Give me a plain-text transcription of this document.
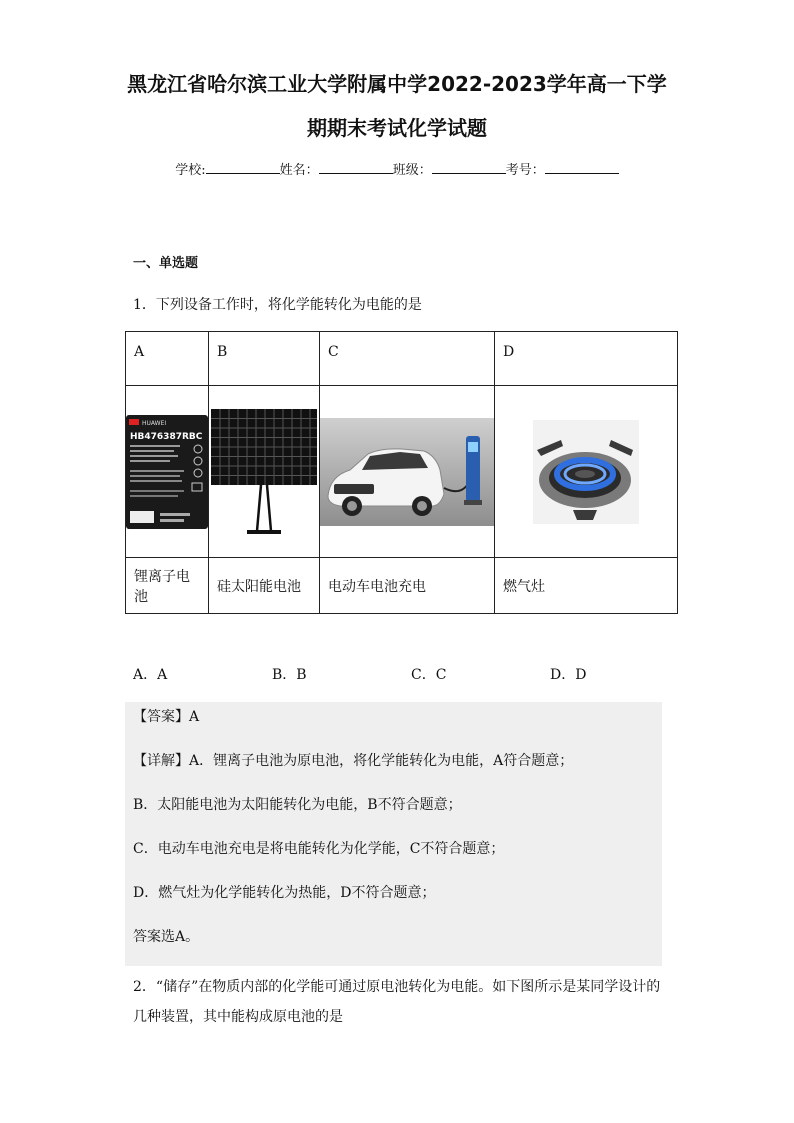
黑龙江省哈尔滨工业大学附属中学2022-2023学年高一下学
期期末考试化学试题
学校:	姓名：	班级：	考号：
一、单选题
1．下列设备工作时，将化学能转化为电能的是
A	B	C	D

HUAWEI
HB476387RBC

锂离子电池	硅太阳能电池	电动车电池充电	燃气灶
A．A	B．B	C．C	D．D
【答案】A
【详解】A．锂离子电池为原电池，将化学能转化为电能，A符合题意；
B．太阳能电池为太阳能转化为电能，B不符合题意；
C．电动车电池充电是将电能转化为化学能，C不符合题意；
D．燃气灶为化学能转化为热能，D不符合题意；
答案选A。
2．“储存”在物质内部的化学能可通过原电池转化为电能。如下图所示是某同学设计的几种装置，其中能构成原电池的是
